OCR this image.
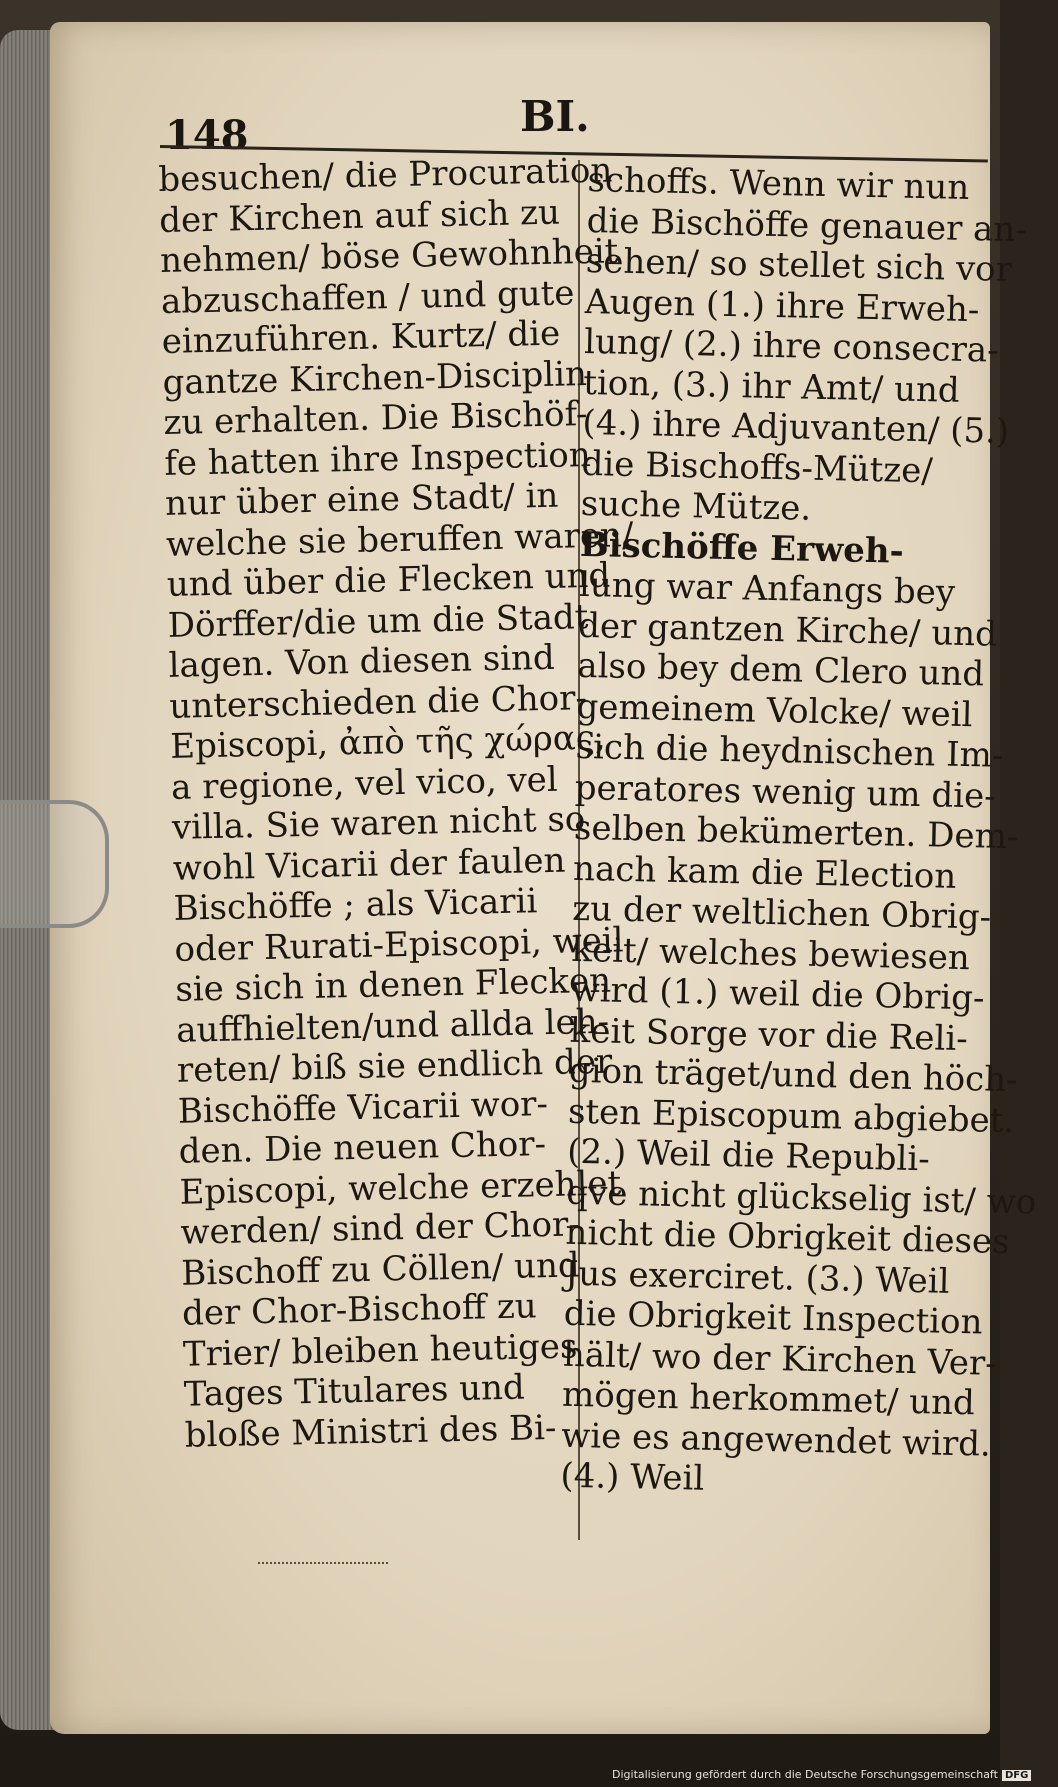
148	BI.
besuchen/ die Procuration
der Kirchen auf sich zu
nehmen/ böse Gewohnheit
abzuschaffen / und gute
einzuführen. Kurtz/ die
gantze Kirchen-Disciplin
zu erhalten. Die Bischöf-
fe hatten ihre Inspection
nur über eine Stadt/ in
welche sie beruffen waren/
und über die Flecken und
Dörffer/die um die Stadt
lagen. Von diesen sind
unterschieden die Chor-
Episcopi, ἀπὸ τῆς χώρας,
a regione, vel vico, vel
villa. Sie waren nicht so
wohl Vicarii der faulen
Bischöffe ; als Vicarii
oder Rurati-Episcopi, weil
sie sich in denen Flecken
auffhielten/und allda leh-
reten/ biß sie endlich der
Bischöffe Vicarii wor-
den. Die neuen Chor-
Episcopi, welche erzehlet
werden/ sind der Chor-
Bischoff zu Cöllen/ und
der Chor-Bischoff zu
Trier/ bleiben heutiges
Tages Titulares und
bloße Ministri des Bi-
schoffs. Wenn wir nun
die Bischöffe genauer an-
sehen/ so stellet sich vor
Augen (1.) ihre Erweh-
lung/ (2.) ihre consecra-
tion, (3.) ihr Amt/ und
(4.) ihre Adjuvanten/ (5.)
die Bischoffs-Mütze/
suche Mütze.
Bischöffe Erweh-
lung war Anfangs bey
der gantzen Kirche/ und
also bey dem Clero und
gemeinem Volcke/ weil
sich die heydnischen Im-
peratores wenig um die-
selben bekümerten. Dem-
nach kam die Election
zu der weltlichen Obrig-
keit/ welches bewiesen
wird (1.) weil die Obrig-
keit Sorge vor die Reli-
gion träget/und den höch-
sten Episcopum abgiebet.
(2.) Weil die Republi-
qve nicht glückselig ist/ wo
nicht die Obrigkeit dieses
Jus exerciret. (3.) Weil
die Obrigkeit Inspection
hält/ wo der Kirchen Ver-
mögen herkommet/ und
wie es angewendet wird.
(4.) Weil
Digitalisierung gefördert durch die Deutsche Forschungsgemeinschaft DFG
